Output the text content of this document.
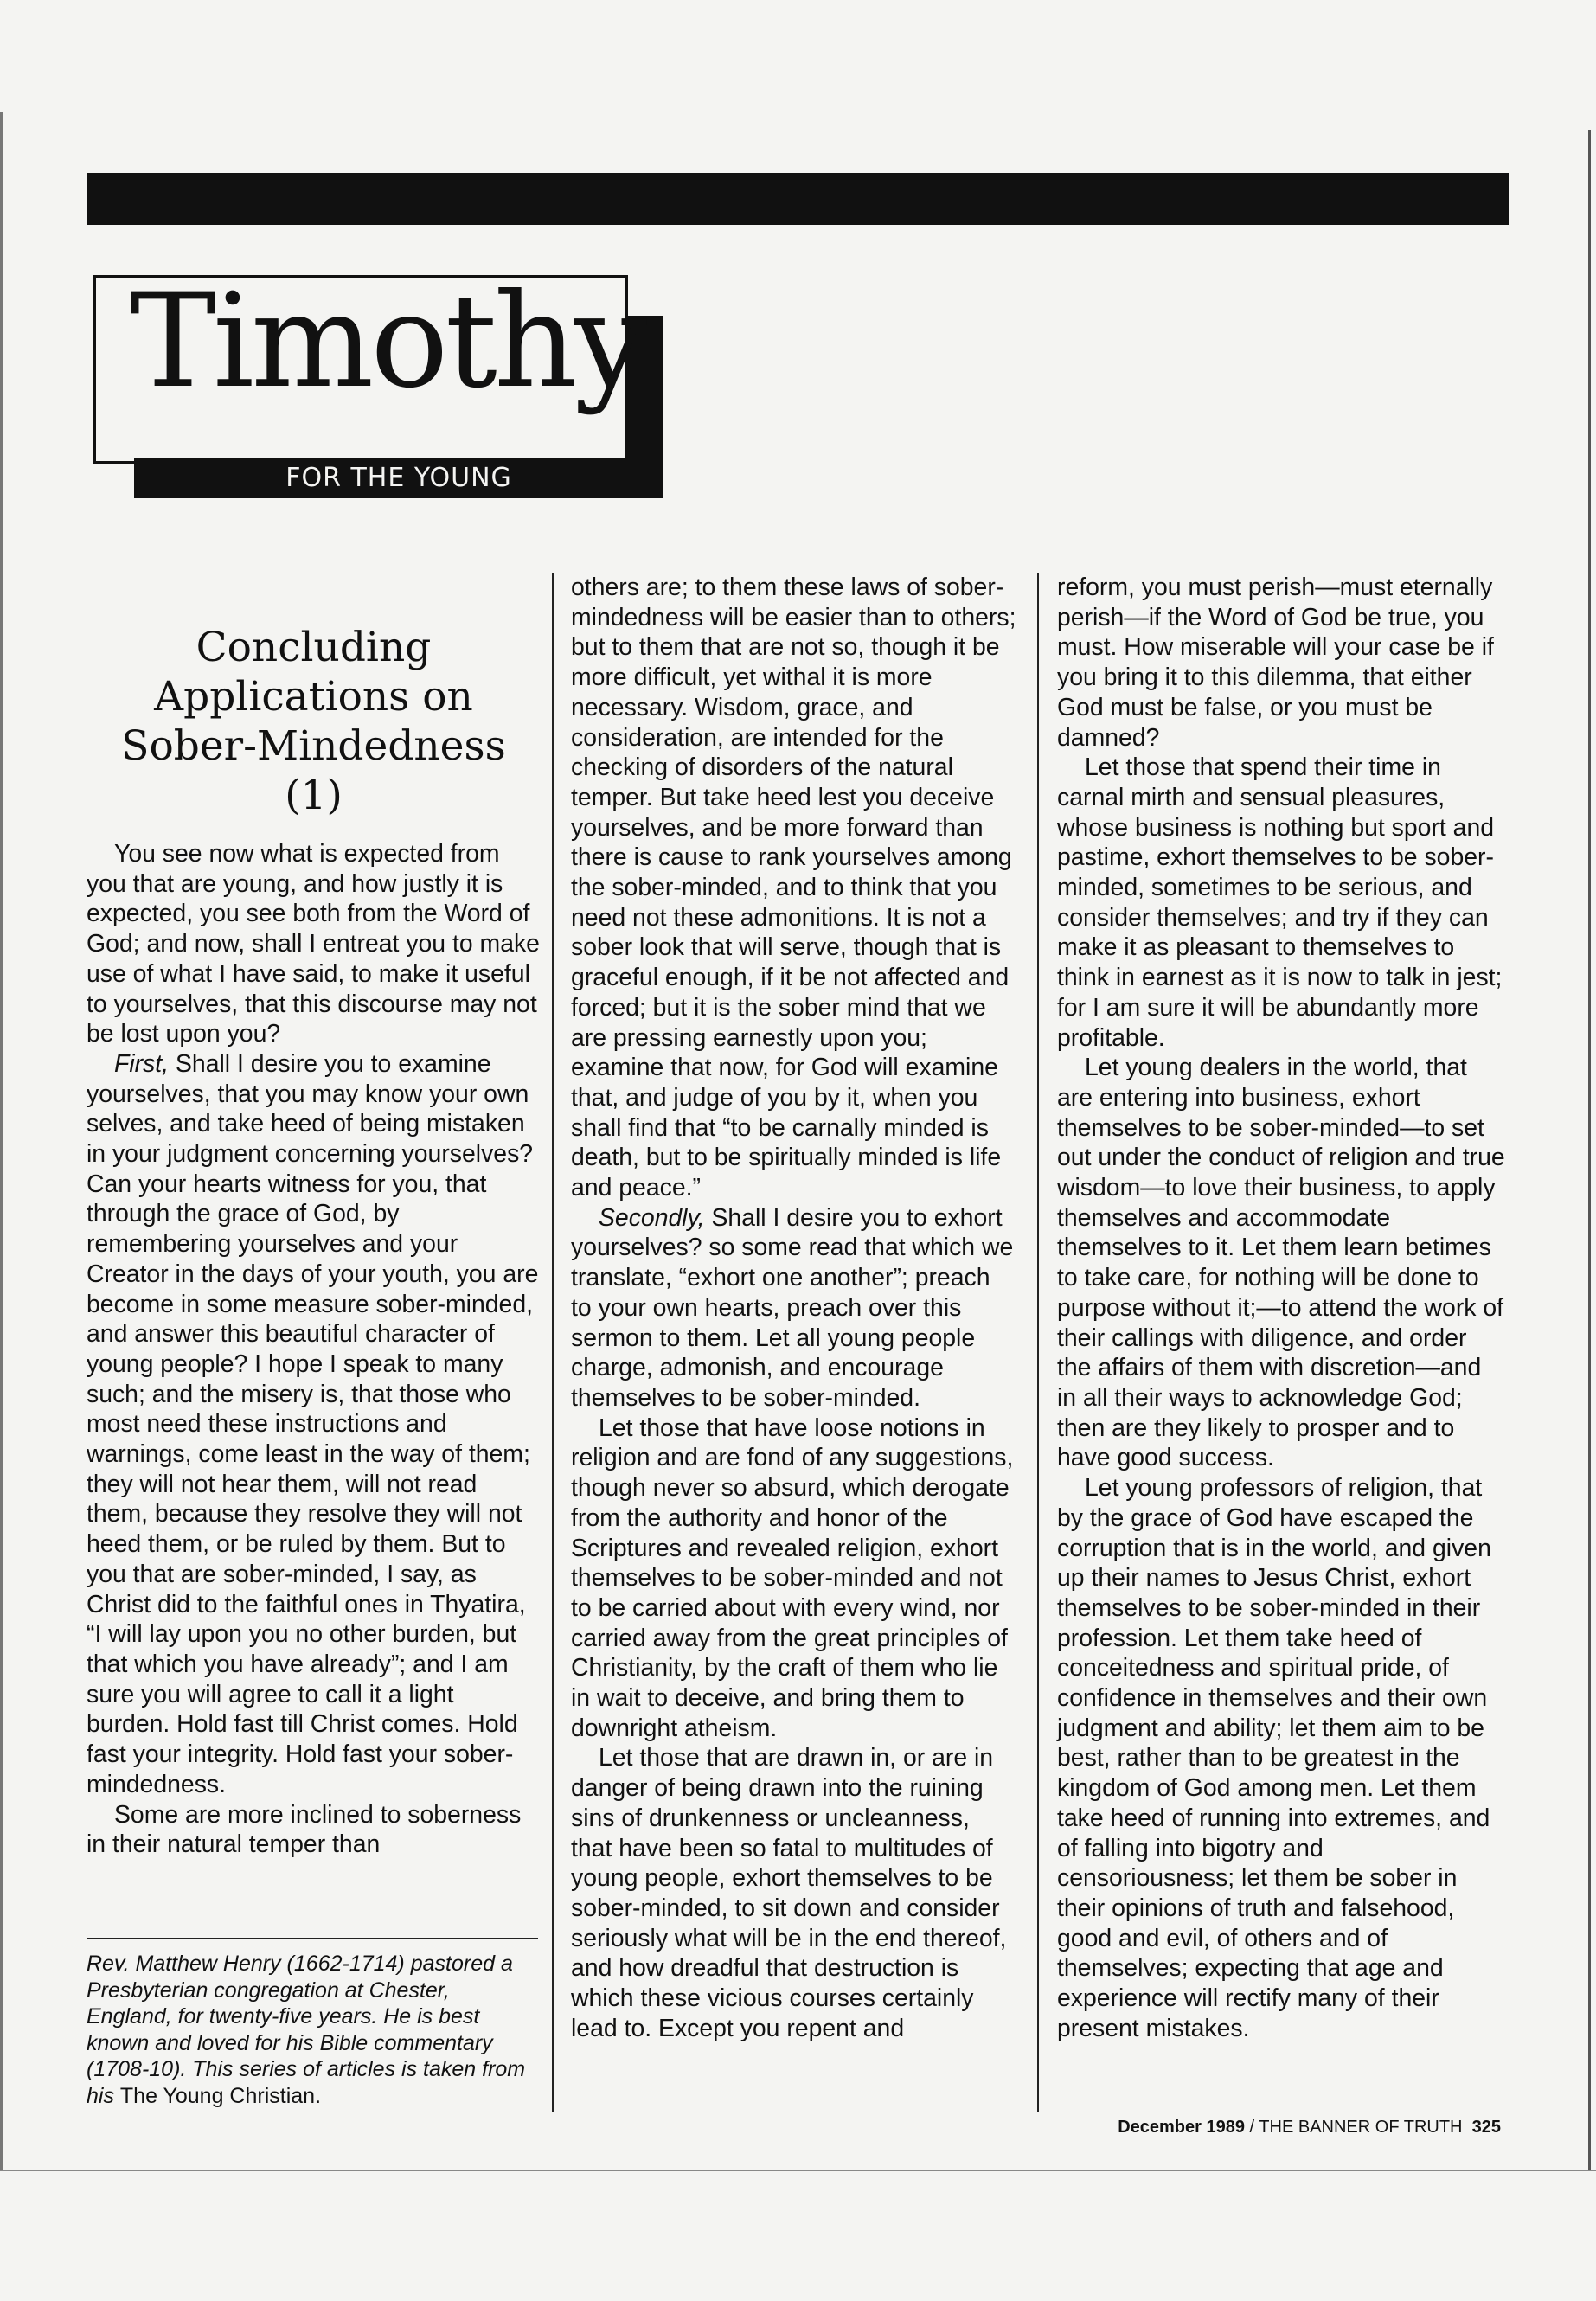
Timothy
FOR THE YOUNG
Concluding Applications on Sober-Mindedness (1)

You see now what is expected from you that are young, and how justly it is expected, you see both from the Word of God; and now, shall I entreat you to make use of what I have said, to make it useful to yourselves, that this discourse may not be lost upon you?

First, Shall I desire you to examine yourselves, that you may know your own selves, and take heed of being mistaken in your judgment concerning yourselves? Can your hearts witness for you, that through the grace of God, by remembering yourselves and your Creator in the days of your youth, you are become in some measure sober-minded, and answer this beautiful character of young people? I hope I speak to many such; and the misery is, that those who most need these instructions and warnings, come least in the way of them; they will not hear them, will not read them, because they resolve they will not heed them, or be ruled by them. But to you that are sober-minded, I say, as Christ did to the faithful ones in Thyatira, “I will lay upon you no other burden, but that which you have already”; and I am sure you will agree to call it a light burden. Hold fast till Christ comes. Hold fast your integrity. Hold fast your sober-mindedness.

Some are more inclined to soberness in their natural temper than

Rev. Matthew Henry (1662-1714) pastored a Presbyterian congregation at Chester, England, for twenty-five years. He is best known and loved for his Bible commentary (1708-10). This series of articles is taken from his The Young Christian.

others are; to them these laws of sober-mindedness will be easier than to others; but to them that are not so, though it be more difficult, yet withal it is more necessary. Wisdom, grace, and consideration, are intended for the checking of disorders of the natural temper. But take heed lest you deceive yourselves, and be more forward than there is cause to rank yourselves among the sober-minded, and to think that you need not these admonitions. It is not a sober look that will serve, though that is graceful enough, if it be not affected and forced; but it is the sober mind that we are pressing earnestly upon you; examine that now, for God will examine that, and judge of you by it, when you shall find that “to be carnally minded is death, but to be spiritually minded is life and peace.”

Secondly, Shall I desire you to exhort yourselves? so some read that which we translate, “exhort one another”; preach to your own hearts, preach over this sermon to them. Let all young people charge, admonish, and encourage themselves to be sober-minded.

Let those that have loose notions in religion and are fond of any suggestions, though never so absurd, which derogate from the authority and honor of the Scriptures and revealed religion, exhort themselves to be sober-minded and not to be carried about with every wind, nor carried away from the great principles of Christianity, by the craft of them who lie in wait to deceive, and bring them to downright atheism.

Let those that are drawn in, or are in danger of being drawn into the ruining sins of drunkenness or uncleanness, that have been so fatal to multitudes of young people, exhort themselves to be sober-minded, to sit down and consider seriously what will be in the end thereof, and how dreadful that destruction is which these vicious courses certainly lead to. Except you repent and

reform, you must perish—must eternally perish—if the Word of God be true, you must. How miserable will your case be if you bring it to this dilemma, that either God must be false, or you must be damned?

Let those that spend their time in carnal mirth and sensual pleasures, whose business is nothing but sport and pastime, exhort themselves to be sober-minded, sometimes to be serious, and consider themselves; and try if they can make it as pleasant to themselves to think in earnest as it is now to talk in jest; for I am sure it will be abundantly more profitable.

Let young dealers in the world, that are entering into business, exhort themselves to be sober-minded—to set out under the conduct of religion and true wisdom—to love their business, to apply themselves and accommodate themselves to it. Let them learn betimes to take care, for nothing will be done to purpose without it;—to attend the work of their callings with diligence, and order the affairs of them with discretion—and in all their ways to acknowledge God; then are they likely to prosper and to have good success.

Let young professors of religion, that by the grace of God have escaped the corruption that is in the world, and given up their names to Jesus Christ, exhort themselves to be sober-minded in their profession. Let them take heed of conceitedness and spiritual pride, of confidence in themselves and their own judgment and ability; let them aim to be best, rather than to be greatest in the kingdom of God among men. Let them take heed of running into extremes, and of falling into bigotry and censoriousness; let them be sober in their opinions of truth and falsehood, good and evil, of others and of themselves; expecting that age and experience will rectify many of their present mistakes.

December 1989 / THE BANNER OF TRUTH 325
